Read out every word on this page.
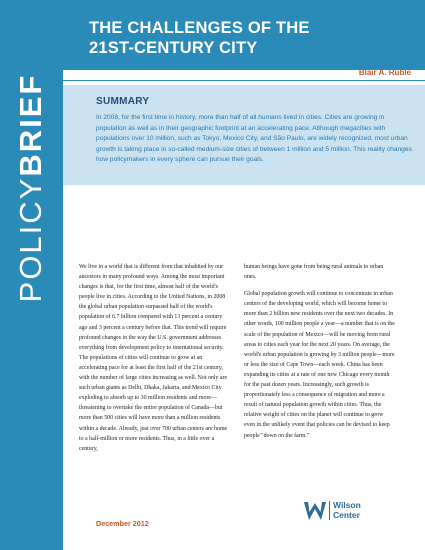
POLICYBRIEF
THE CHALLENGES OF THE
21ST-CENTURY CITY
Blair A. Ruble
SUMMARY

In 2008, for the first time in history, more than half of all humans lived in cities. Cities are growing in population as well as in their geographic footprint at an accelerating pace. Although megacities with populations over 10 million, such as Tokyo, Mexico City, and São Paulo, are widely recognized, most urban growth is taking place in so-called medium-size cities of between 1 million and 5 million. This reality changes how policymakers in every sphere can pursue their goals.

We live in a world that is different from that inhabited by our ancestors in many profound ways. Among the most important changes is that, for the first time, almost half of the world's people live in cities. According to the United Nations, in 2008 the global urban population surpassed half of the world's population of 6.7 billion compared with 13 percent a century ago and 3 percent a century before that. This trend will require profound changes in the way the U.S. government addresses everything from development policy to international security. The populations of cities will continue to grow at an accelerating pace for at least the first half of the 21st century, with the number of large cities increasing as well. Not only are such urban giants as Delhi, Dhaka, Jakarta, and Mexico City exploding to absorb up to 30 million residents and more—threatening to overtake the entire population of Canada—but more than 500 cities will have more than a million residents within a decade. Already, just over 700 urban centers are home to a half-million or more residents. Thus, in a little over a century,

human beings have gone from being rural animals to urban ones.

Global population growth will continue to concentrate in urban centers of the developing world, which will become home to more than 2 billion new residents over the next two decades. In other words, 100 million people a year—a number that is on the scale of the population of Mexico—will be moving from rural areas to cities each year for the next 20 years. On average, the world's urban population is growing by 3 million people—more or less the size of Cape Town—each week. China has been expanding its cities at a rate of one new Chicago every month for the past dozen years. Increasingly, such growth is proportionately less a consequence of migration and more a result of natural population growth within cities. Thus, the relative weight of cities on the planet will continue to grow even in the unlikely event that policies can be devised to keep people "down on the farm."

December 2012
Wilson
Center
